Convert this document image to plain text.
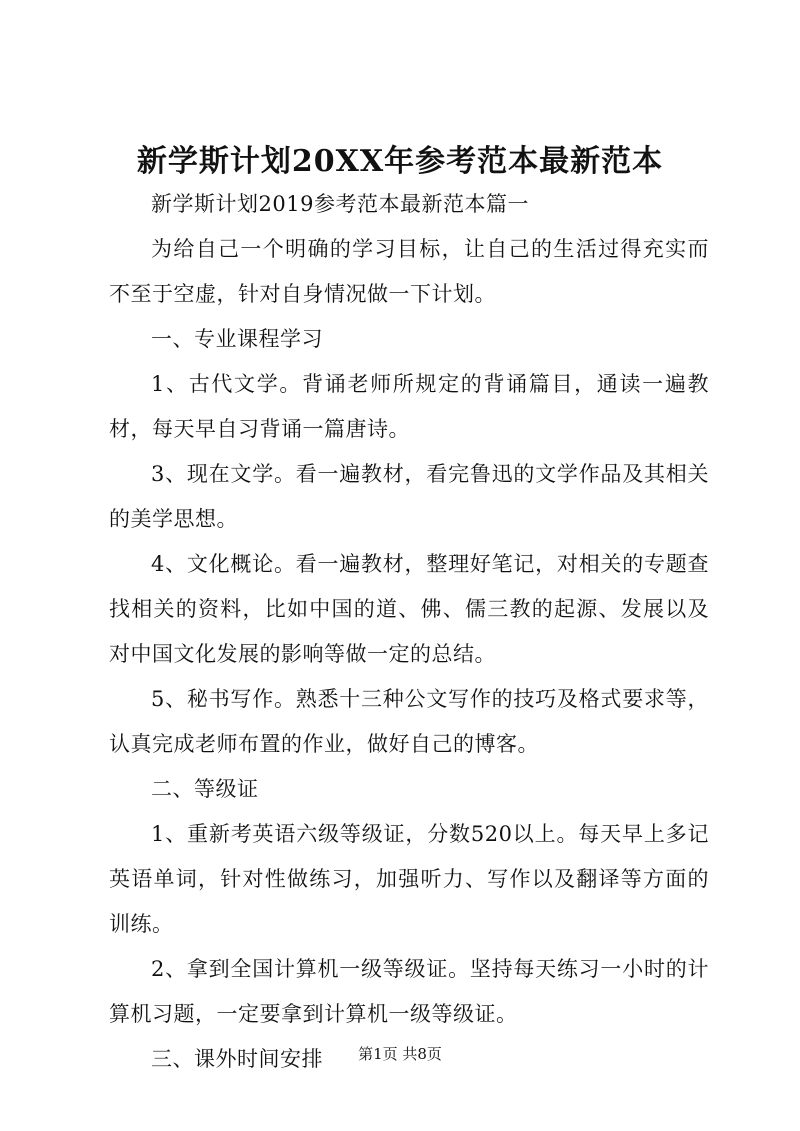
新学斯计划20XX年参考范本最新范本

新学斯计划2019参考范本最新范本篇一

为给自己一个明确的学习目标，让自己的生活过得充实而不至于空虚，针对自身情况做一下计划。

一、专业课程学习

1、古代文学。背诵老师所规定的背诵篇目，通读一遍教材，每天早自习背诵一篇唐诗。

3、现在文学。看一遍教材，看完鲁迅的文学作品及其相关的美学思想。

4、文化概论。看一遍教材，整理好笔记，对相关的专题查找相关的资料，比如中国的道、佛、儒三教的起源、发展以及对中国文化发展的影响等做一定的总结。

5、秘书写作。熟悉十三种公文写作的技巧及格式要求等，认真完成老师布置的作业，做好自己的博客。

二、等级证

1、重新考英语六级等级证，分数520以上。每天早上多记英语单词，针对性做练习，加强听力、写作以及翻译等方面的训练。

2、拿到全国计算机一级等级证。坚持每天练习一小时的计算机习题，一定要拿到计算机一级等级证。

三、课外时间安排	第1页 共8页
